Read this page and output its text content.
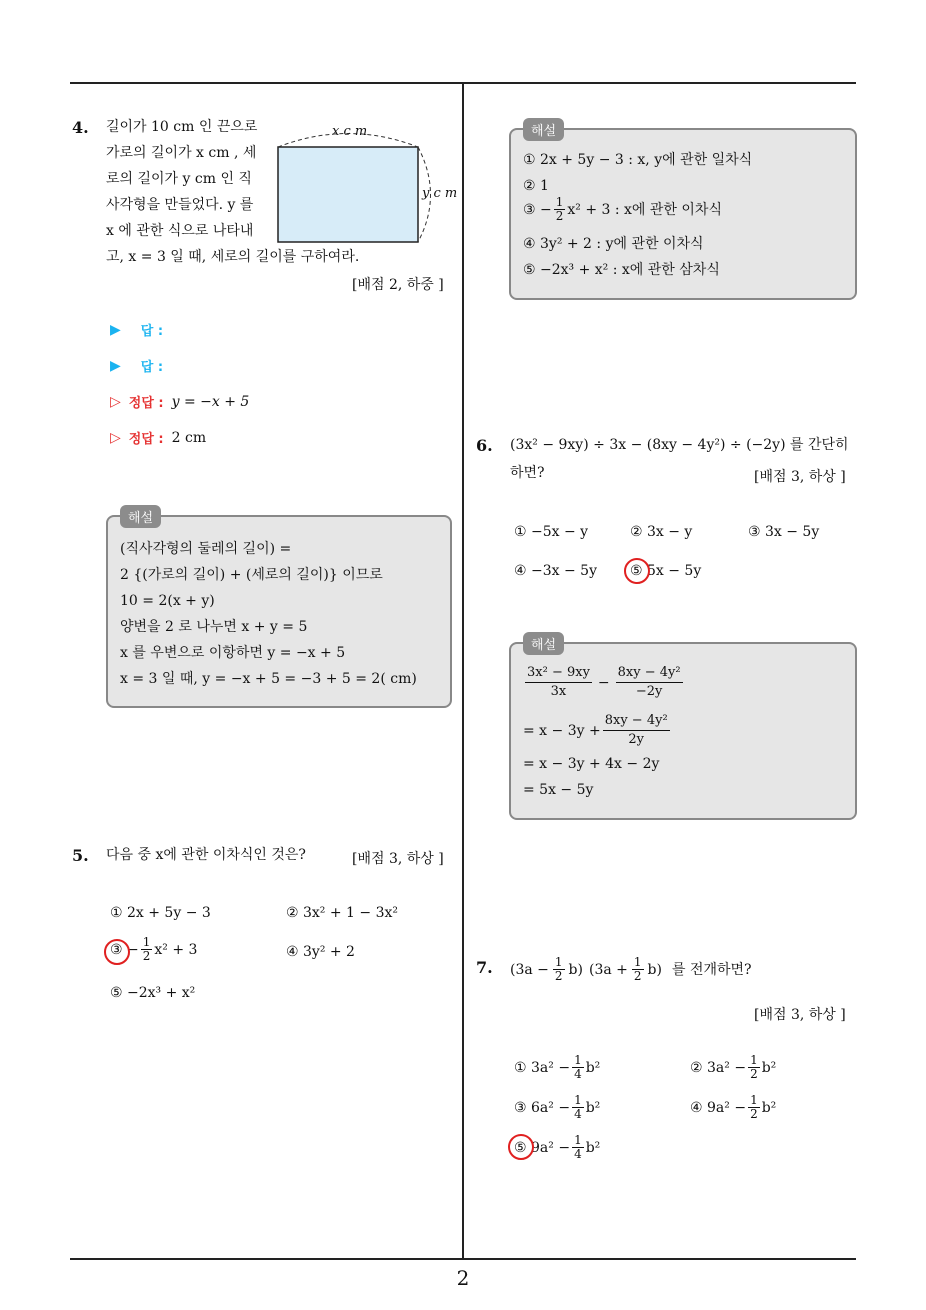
4. 길이가 10 cm 인 끈으로
가로의 길이가 x cm , 세
로의 길이가 y cm 인 직
사각형을 만들었다. y 를
x 에 관한 식으로 나타내
고, x = 3 일 때, 세로의 길이를 구하여라.
x c m
y c m
[배점 2, 하중 ]
▶ 답 :
▶ 답 :
▷ 정답 : y = −x + 5
▷ 정답 : 2 cm
해설
(직사각형의 둘레의 길이) =
2 {(가로의 길이) + (세로의 길이)} 이므로
10 = 2(x + y)
양변을 2 로 나누면 x + y = 5
x 를 우변으로 이항하면 y = −x + 5
x = 3 일 때, y = −x + 5 = −3 + 5 = 2( cm)
5. 다음 중 x에 관한 이차식인 것은?	[배점 3, 하상 ]
① 2x + 5y − 3	② 3x² + 1 − 3x²
③ − $\frac{1}{2} x^2 + 3$	④ 3y² + 2
⑤ −2x³ + x²
해설
① 2x + 5y − 3 : x, y에 관한 일차식
② 1
③ − $\frac{1}{2} x^2 + 3$ : x에 관한 이차식
④ 3y² + 2 : y에 관한 이차식
⑤ −2x³ + x² : x에 관한 삼차식
6. (3x² − 9xy) ÷ 3x − (8xy − 4y²) ÷ (−2y) 를 간단히
하면?	[배점 3, 하상 ]
① −5x − y	② 3x − y	③ 3x − 5y
④ −3x − 5y ⑤ 5x − 5y
해설
$\frac{\text{3x² − 9xy}}{3x} - \frac{\text{8xy − 4y²}}{-2y}$
= $x - 3y + \frac{\text{8xy − 4y²}}{2y}$
= x − 3y + 4x − 2y
= 5x − 5y
7. $(3a - \frac{1}{2} b)$ $(3a + \frac{1}{2} b)$ 를 전개하면?
[배점 3, 하상 ]
① $3a^2 - \frac{1}{4} b^2$	② $3a^2 - \frac{1}{2} b^2$
③ $6a^2 - \frac{1}{4} b^2$	④ $9a^2 - \frac{1}{2} b^2$
⑤ $9a^2 - \frac{1}{4} b^2$
2
